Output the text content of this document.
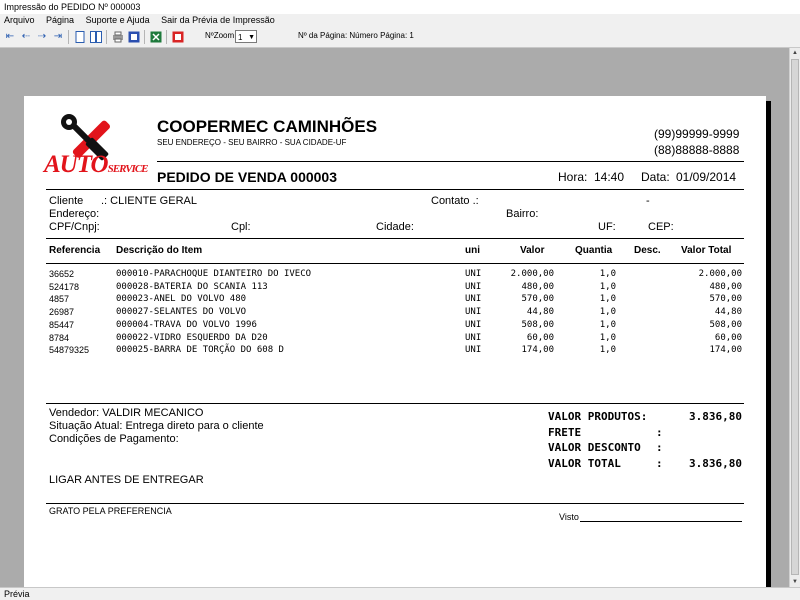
Impressão do PEDIDO Nº 000003
Arquivo Página Suporte e Ajuda Sair da Prévia de Impressão
⇤ ⇠ ⇢ ⇥	NºZoom 1 ▼	Nº da Página: Número Página: 1
AUTOSERVICE
COOPERMEC CAMINHÕES
SEU ENDEREÇO - SEU BAIRRO - SUA CIDADE-UF
(99)99999-9999
(88)88888-8888
PEDIDO DE VENDA 000003	Hora: 14:40 Data: 01/09/2014
Cliente .: CLIENTE GERAL	Contato .:	-
Endereço:	Bairro:
CPF/Cnpj:	Cpl:	Cidade:	UF:	CEP:
Referencia Descrição do Item	uni	Valor	Quantia Desc. Valor Total
36652	000010-PARACHOQUE DIANTEIRO DO IVECO	UNI	2.000,00	1,0	2.000,00
524178	000028-BATERIA DO SCANIA 113	UNI	480,00	1,0	480,00
4857	000023-ANEL DO VOLVO 480	UNI	570,00	1,0	570,00
26987	000027-SELANTES DO VOLVO	UNI	44,80	1,0	44,80
85447	000004-TRAVA DO VOLVO 1996	UNI	508,00	1,0	508,00
8784	000022-VIDRO ESQUERDO DA D20	UNI	60,00	1,0	60,00
54879325	000025-BARRA DE TORÇÃO DO 608 D	UNI	174,00	1,0	174,00
Vendedor: VALDIR MECANICO
Situação Atual: Entrega direto para o cliente
Condições de Pagamento:
LIGAR ANTES DE ENTREGAR
VALOR PRODUTOS:	3.836,80
FRETE	:
VALOR DESCONTO :
VALOR TOTAL	:	3.836,80
GRATO PELA PREFERENCIA
Visto
▲
▼
Prévia
